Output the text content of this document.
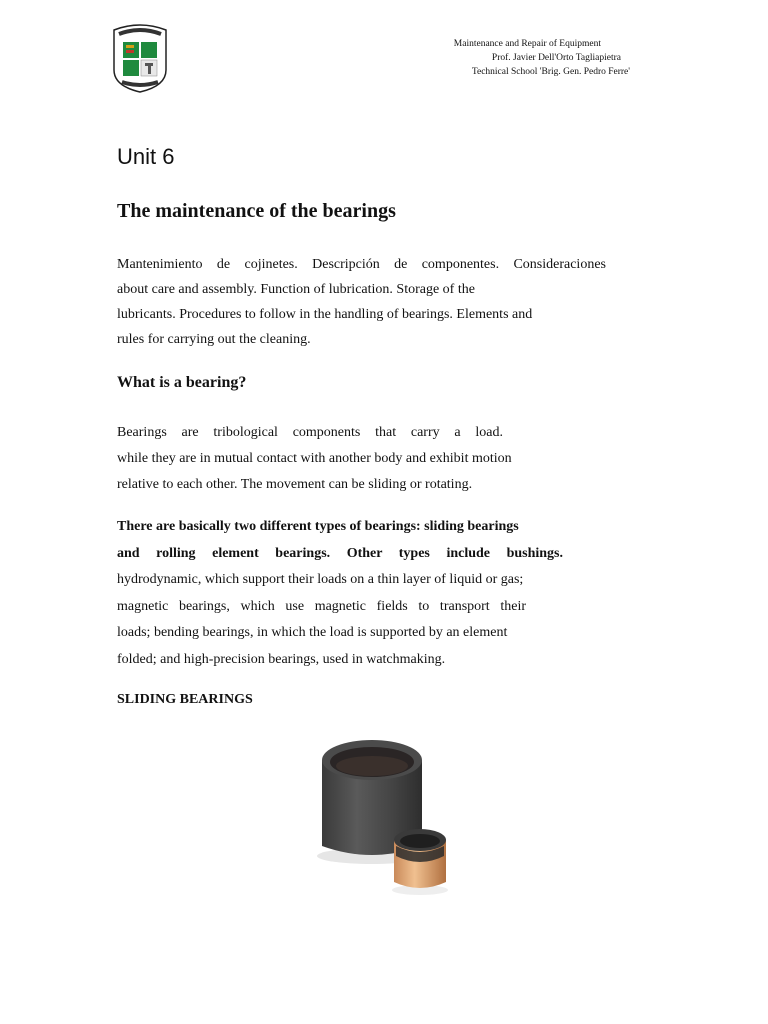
Maintenance and Repair of Equipment
Prof. Javier Dell'Orto Tagliapietra
Technical School 'Brig. Gen. Pedro Ferre'
Unit 6
The maintenance of the bearings
Mantenimiento de cojinetes. Descripción de componentes. Consideraciones
about care and assembly. Function of lubrication. Storage of the
lubricants. Procedures to follow in the handling of bearings. Elements and
rules for carrying out the cleaning.
What is a bearing?
Bearings are tribological components that carry a load.
while they are in mutual contact with another body and exhibit motion
relative to each other. The movement can be sliding or rotating.
There are basically two different types of bearings: sliding bearings
and rolling element bearings. Other types include bushings.
hydrodynamic, which support their loads on a thin layer of liquid or gas;
magnetic bearings, which use magnetic fields to transport their
loads; bending bearings, in which the load is supported by an element
folded; and high-precision bearings, used in watchmaking.
SLIDING BEARINGS
